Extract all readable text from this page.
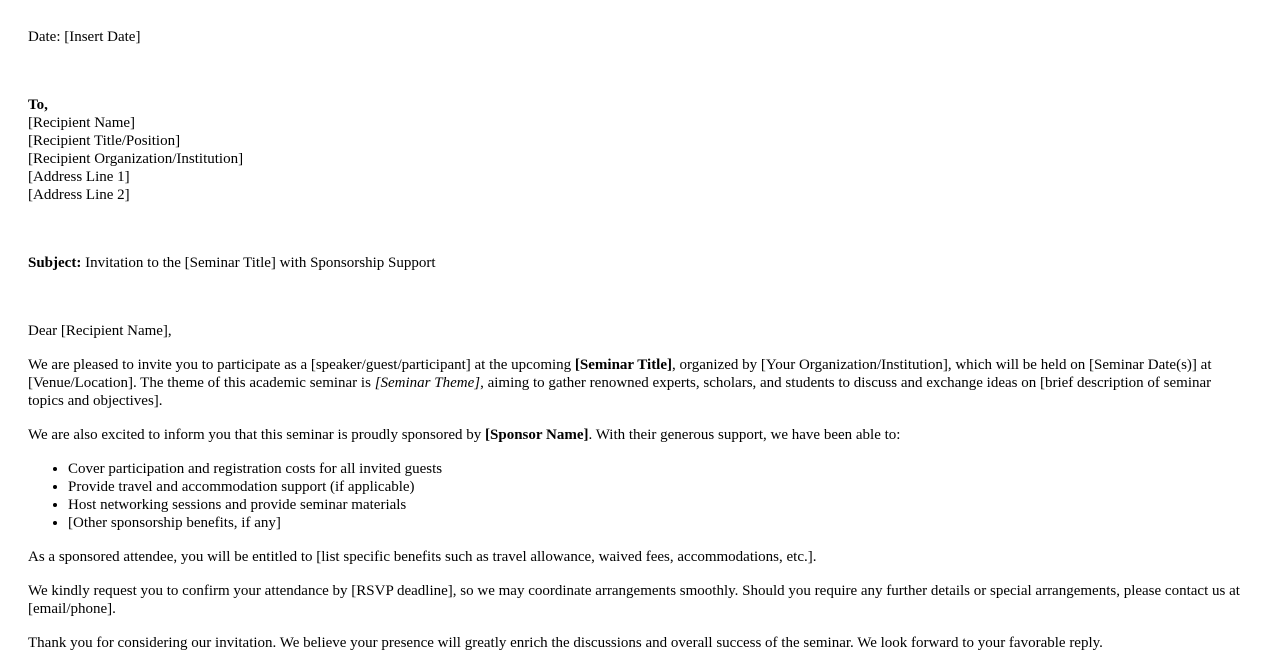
Date: [Insert Date]

To,
[Recipient Name]
[Recipient Title/Position]
[Recipient Organization/Institution]
[Address Line 1]
[Address Line 2]

Subject: Invitation to the [Seminar Title] with Sponsorship Support

Dear [Recipient Name],

We are pleased to invite you to participate as a [speaker/guest/participant] at the upcoming [Seminar Title], organized by [Your Organization/Institution], which will be held on [Seminar Date(s)] at [Venue/Location]. The theme of this academic seminar is [Seminar Theme], aiming to gather renowned experts, scholars, and students to discuss and exchange ideas on [brief description of seminar topics and objectives].

We are also excited to inform you that this seminar is proudly sponsored by [Sponsor Name]. With their generous support, we have been able to:

• Cover participation and registration costs for all invited guests
• Provide travel and accommodation support (if applicable)
• Host networking sessions and provide seminar materials
• [Other sponsorship benefits, if any]

As a sponsored attendee, you will be entitled to [list specific benefits such as travel allowance, waived fees, accommodations, etc.].

We kindly request you to confirm your attendance by [RSVP deadline], so we may coordinate arrangements smoothly. Should you require any further details or special arrangements, please contact us at [email/phone].

Thank you for considering our invitation. We believe your presence will greatly enrich the discussions and overall success of the seminar. We look forward to your favorable reply.
